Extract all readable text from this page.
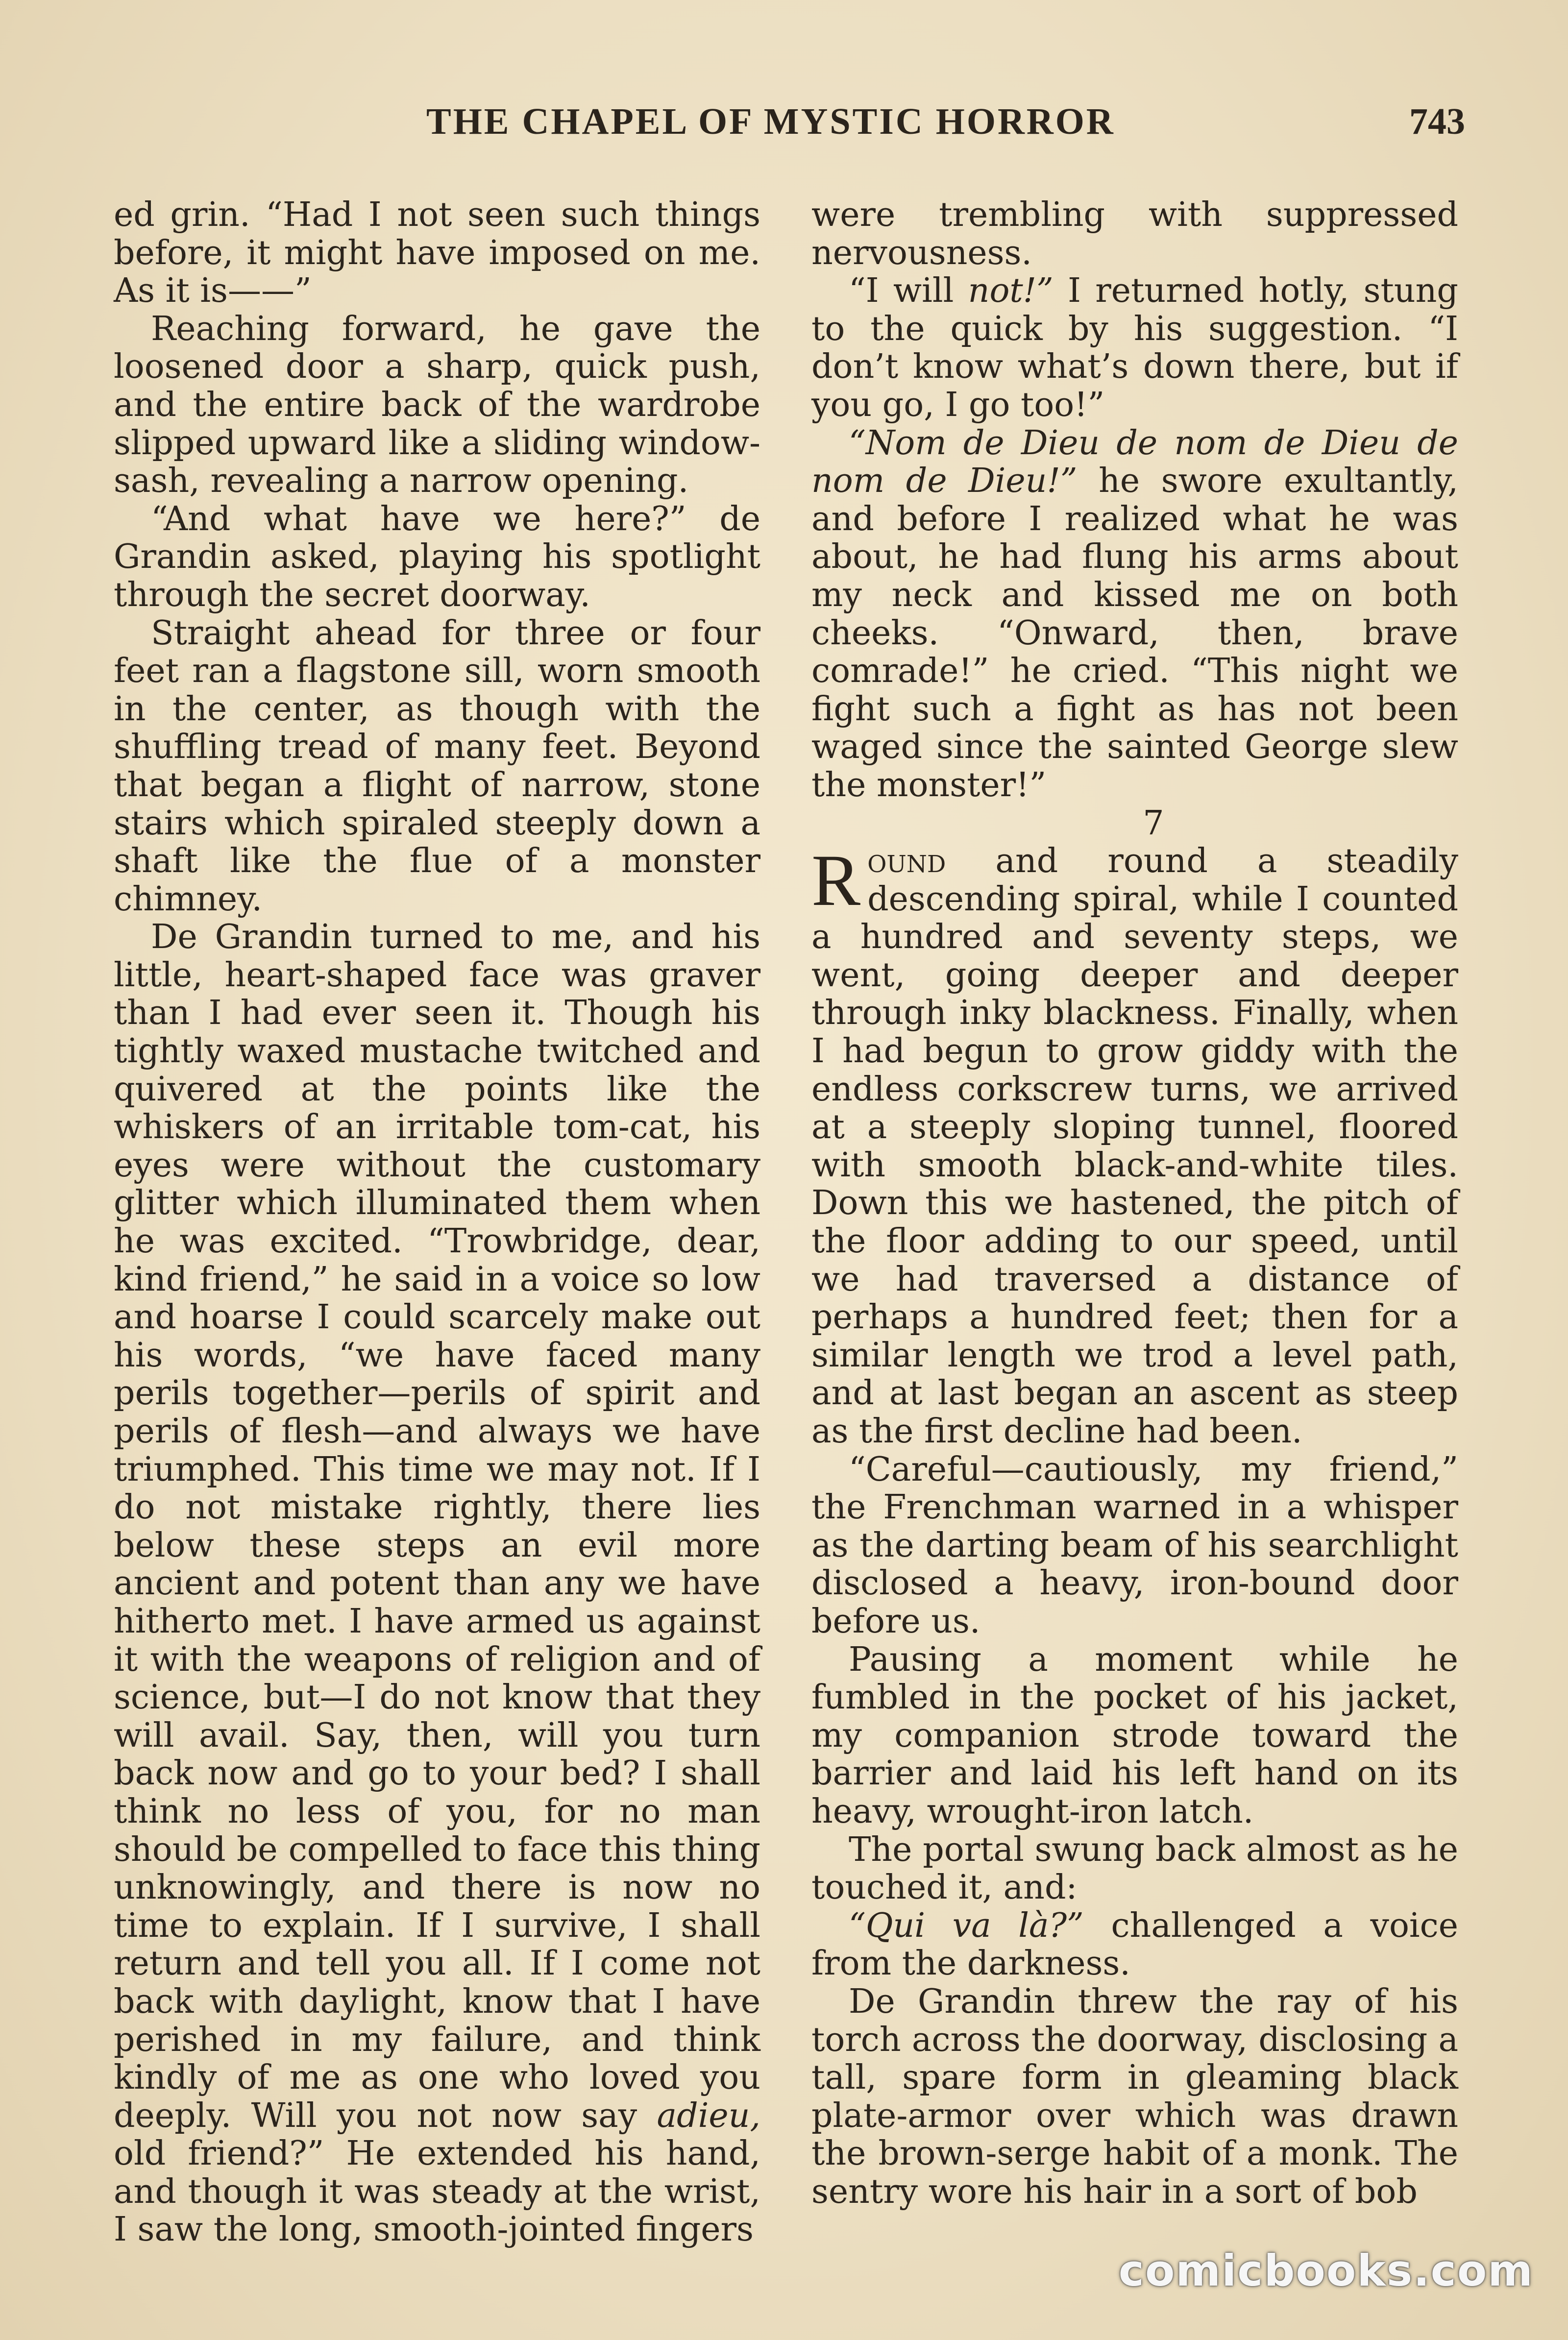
THE CHAPEL OF MYSTIC HORROR	743

ed grin. “Had I not seen such things before, it might have imposed on me. As it is——”

Reaching forward, he gave the loosened door a sharp, quick push, and the entire back of the wardrobe slipped upward like a sliding window-sash, revealing a narrow opening.

“And what have we here?” de Grandin asked, playing his spotlight through the secret doorway.

Straight ahead for three or four feet ran a flagstone sill, worn smooth in the center, as though with the shuffling tread of many feet. Beyond that began a flight of narrow, stone stairs which spiraled steeply down a shaft like the flue of a monster chimney.

De Grandin turned to me, and his little, heart-shaped face was graver than I had ever seen it. Though his tightly waxed mustache twitched and quivered at the points like the whiskers of an irritable tom-cat, his eyes were without the customary glitter which illuminated them when he was excited. “Trowbridge, dear, kind friend,” he said in a voice so low and hoarse I could scarcely make out his words, “we have faced many perils together—perils of spirit and perils of flesh—and always we have triumphed. This time we may not. If I do not mistake rightly, there lies below these steps an evil more ancient and potent than any we have hitherto met. I have armed us against it with the weapons of religion and of science, but—I do not know that they will avail. Say, then, will you turn back now and go to your bed? I shall think no less of you, for no man should be compelled to face this thing unknowingly, and there is now no time to explain. If I survive, I shall return and tell you all. If I come not back with daylight, know that I have perished in my failure, and think kindly of me as one who loved you deeply. Will you not now say adieu, old friend?” He extended his hand, and though it was steady at the wrist, I saw the long, smooth-jointed fingers

were trembling with suppressed nervousness.

“I will not!” I returned hotly, stung to the quick by his suggestion. “I don’t know what’s down there, but if you go, I go too!”

“Nom de Dieu de nom de Dieu de nom de Dieu!” he swore exultantly, and before I realized what he was about, he had flung his arms about my neck and kissed me on both cheeks. “Onward, then, brave comrade!” he cried. “This night we fight such a fight as has not been waged since the sainted George slew the monster!”

7

Round and round a steadily descending spiral, while I counted a hundred and seventy steps, we went, going deeper and deeper through inky blackness. Finally, when I had begun to grow giddy with the endless corkscrew turns, we arrived at a steeply sloping tunnel, floored with smooth black-and-white tiles. Down this we hastened, the pitch of the floor adding to our speed, until we had traversed a distance of perhaps a hundred feet; then for a similar length we trod a level path, and at last began an ascent as steep as the first decline had been.

“Careful—cautiously, my friend,” the Frenchman warned in a whisper as the darting beam of his searchlight disclosed a heavy, iron-bound door before us.

Pausing a moment while he fumbled in the pocket of his jacket, my companion strode toward the barrier and laid his left hand on its heavy, wrought-iron latch.

The portal swung back almost as he touched it, and:

“Qui va là?” challenged a voice from the darkness.

De Grandin threw the ray of his torch across the doorway, disclosing a tall, spare form in gleaming black plate-armor over which was drawn the brown-serge habit of a monk. The sentry wore his hair in a sort of bob

comicbooks.com
